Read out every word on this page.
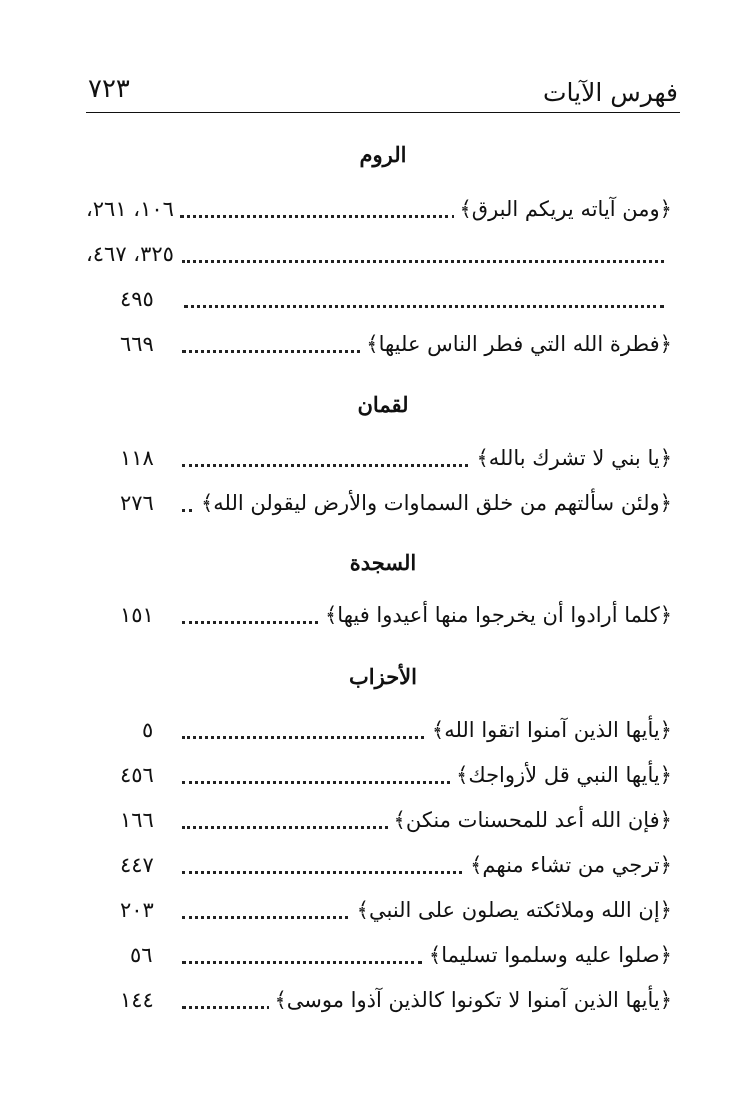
فهرس الآيات
٧٢٣
الروم
﴿ومن آياته يريكم البرق﴾
١٠٦، ٢٦١،
٣٢٥، ٤٦٧،
٤٩٥
﴿فطرة الله التي فطر الناس عليها﴾
٦٦٩
لقمان
﴿يا بني لا تشرك بالله﴾
١١٨
﴿ولئن سألتهم من خلق السماوات والأرض ليقولن الله﴾
٢٧٦
السجدة
﴿كلما أرادوا أن يخرجوا منها أعيدوا فيها﴾
١٥١
الأحزاب
﴿يأيها الذين آمنوا اتقوا الله﴾
٥
﴿يأيها النبي قل لأزواجك﴾
٤٥٦
﴿فإن الله أعد للمحسنات منكن﴾
١٦٦
﴿ترجي من تشاء منهم﴾
٤٤٧
﴿إن الله وملائكته يصلون على النبي﴾
٢٠٣
﴿صلوا عليه وسلموا تسليما﴾
٥٦
﴿يأيها الذين آمنوا لا تكونوا كالذين آذوا موسى﴾
١٤٤
